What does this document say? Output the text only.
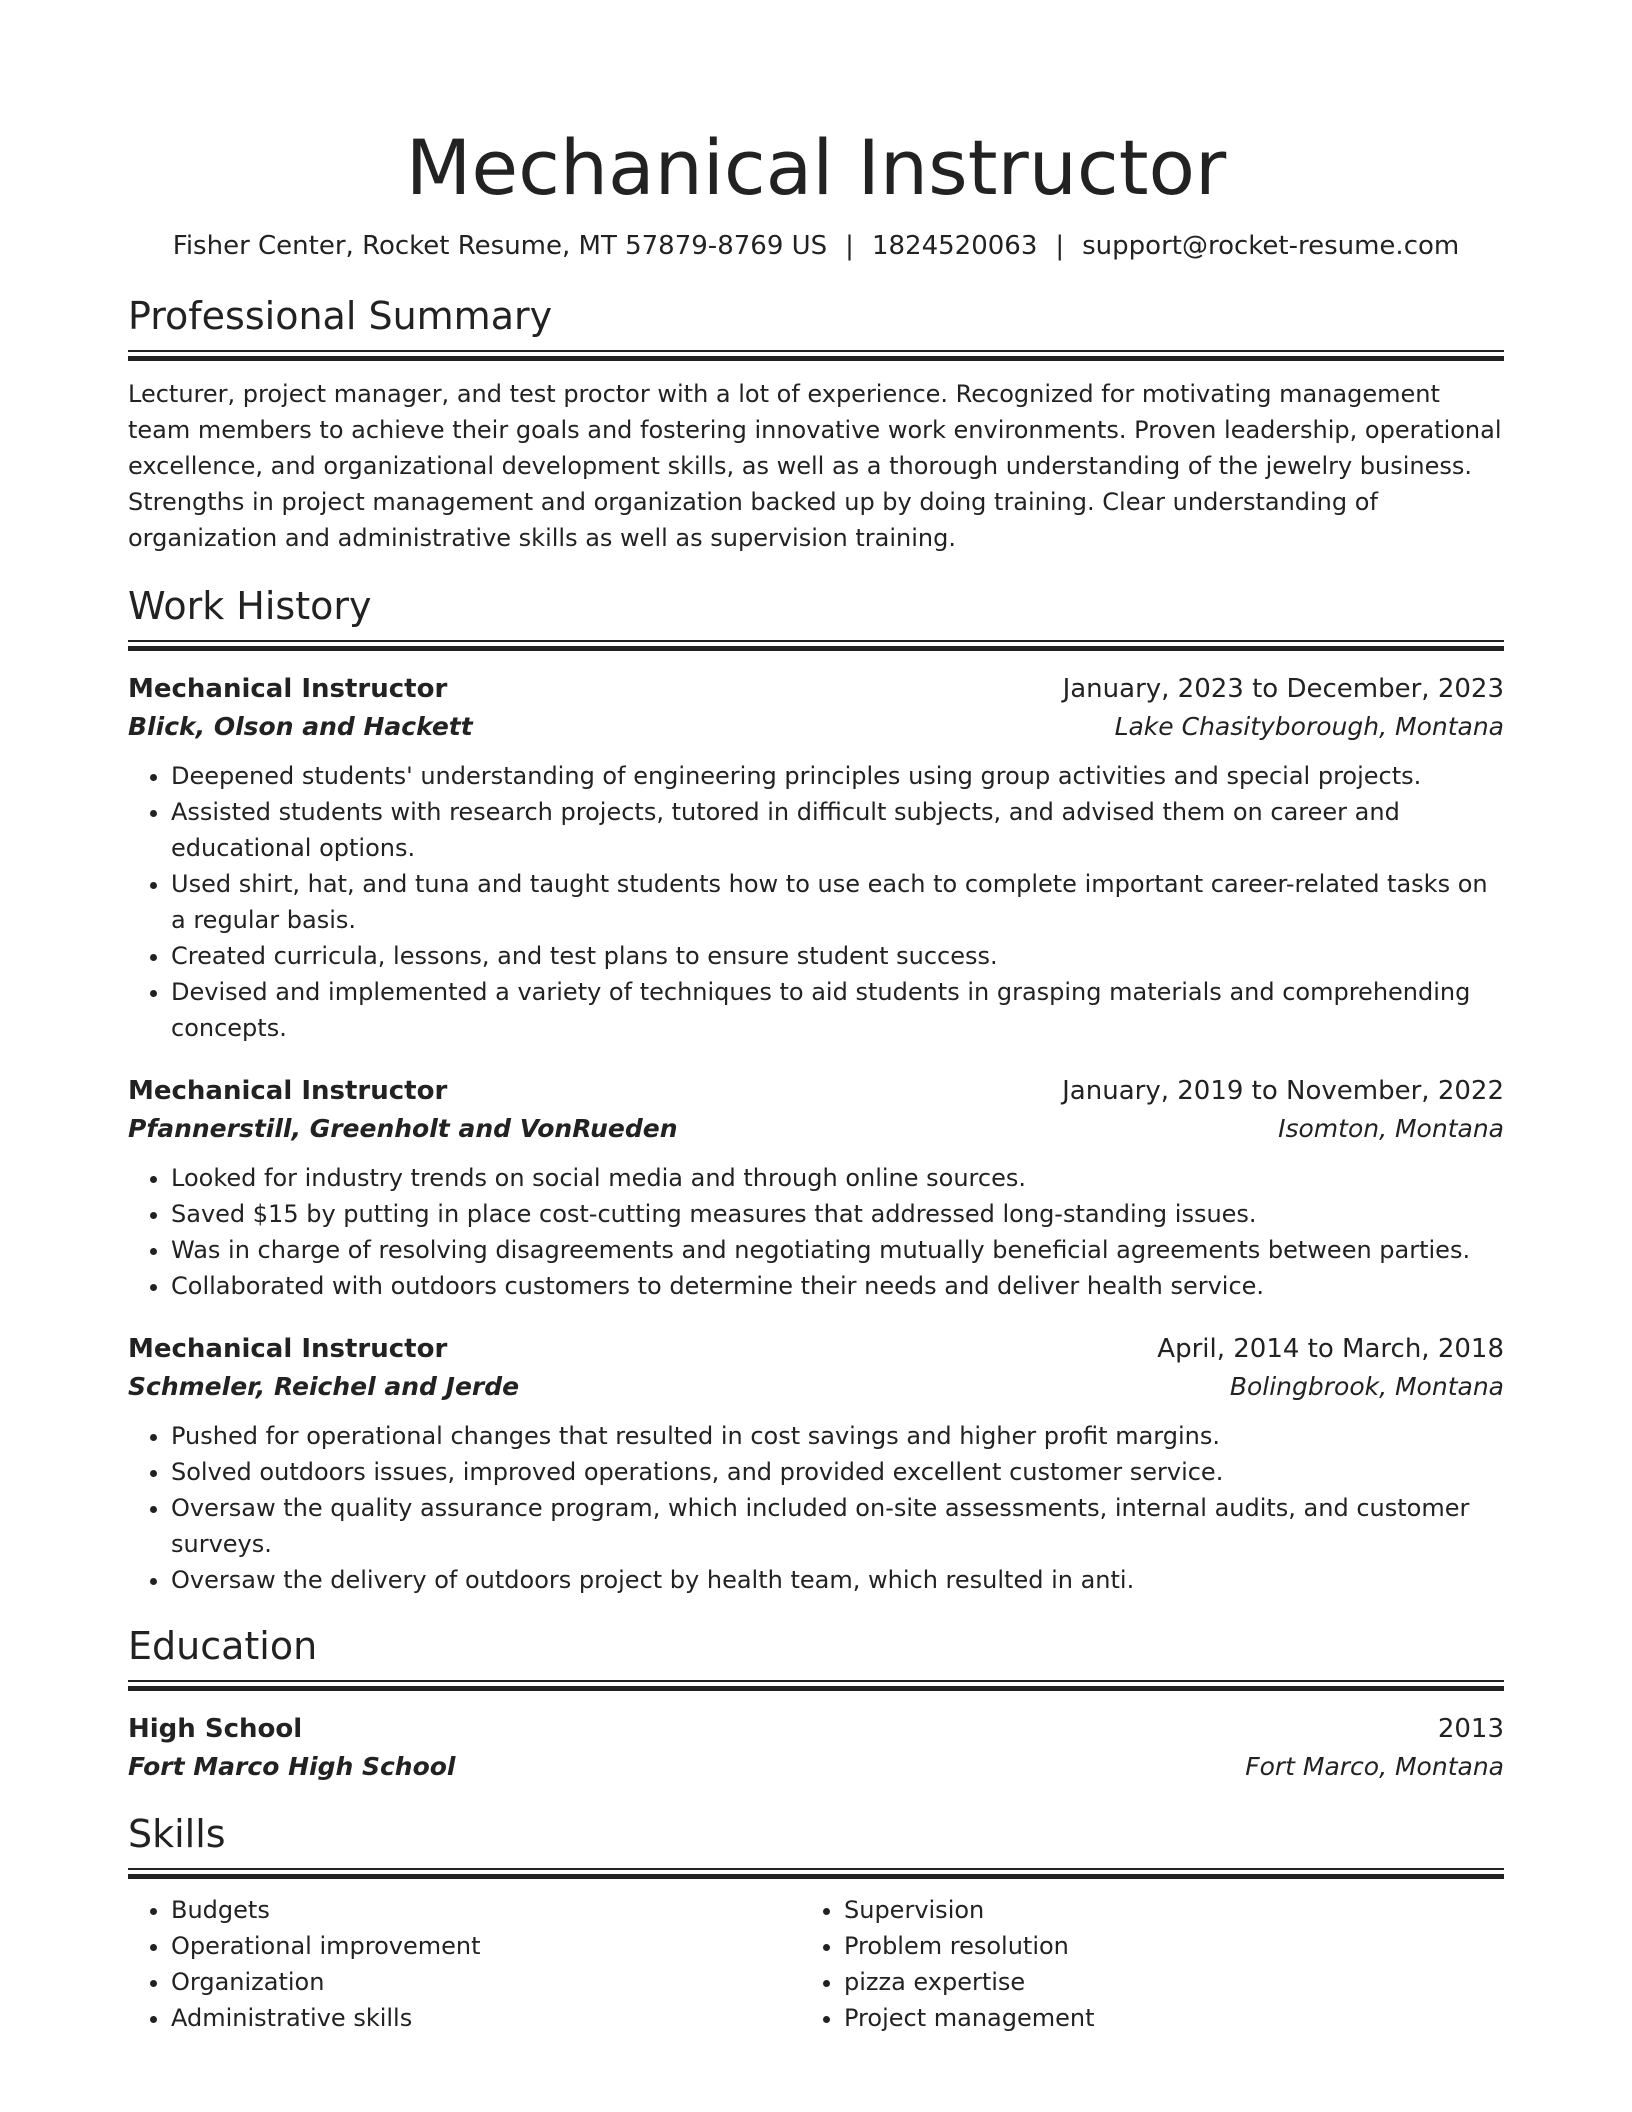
Mechanical Instructor
Fisher Center, Rocket Resume, MT 57879-8769 US | 1824520063 | support@rocket-resume.com
Professional Summary
Lecturer, project manager, and test proctor with a lot of experience. Recognized for motivating management team members to achieve their goals and fostering innovative work environments. Proven leadership, operational excellence, and organizational development skills, as well as a thorough understanding of the jewelry business. Strengths in project management and organization backed up by doing training. Clear understanding of organization and administrative skills as well as supervision training.
Work History
Mechanical Instructor	January, 2023 to December, 2023
Blick, Olson and Hackett	Lake Chasityborough, Montana
• Deepened students' understanding of engineering principles using group activities and special projects.
• Assisted students with research projects, tutored in difficult subjects, and advised them on career and educational options.
• Used shirt, hat, and tuna and taught students how to use each to complete important career-related tasks on a regular basis.
• Created curricula, lessons, and test plans to ensure student success.
• Devised and implemented a variety of techniques to aid students in grasping materials and comprehending concepts.
Mechanical Instructor	January, 2019 to November, 2022
Pfannerstill, Greenholt and VonRueden	Isomton, Montana
• Looked for industry trends on social media and through online sources.
• Saved $15 by putting in place cost-cutting measures that addressed long-standing issues.
• Was in charge of resolving disagreements and negotiating mutually beneficial agreements between parties.
• Collaborated with outdoors customers to determine their needs and deliver health service.
Mechanical Instructor	April, 2014 to March, 2018
Schmeler, Reichel and Jerde	Bolingbrook, Montana
• Pushed for operational changes that resulted in cost savings and higher profit margins.
• Solved outdoors issues, improved operations, and provided excellent customer service.
• Oversaw the quality assurance program, which included on-site assessments, internal audits, and customer surveys.
• Oversaw the delivery of outdoors project by health team, which resulted in anti.
Education
High School	2013
Fort Marco High School	Fort Marco, Montana
Skills
• Budgets
• Operational improvement
• Organization
• Administrative skills
• Supervision
• Problem resolution
• pizza expertise
• Project management
